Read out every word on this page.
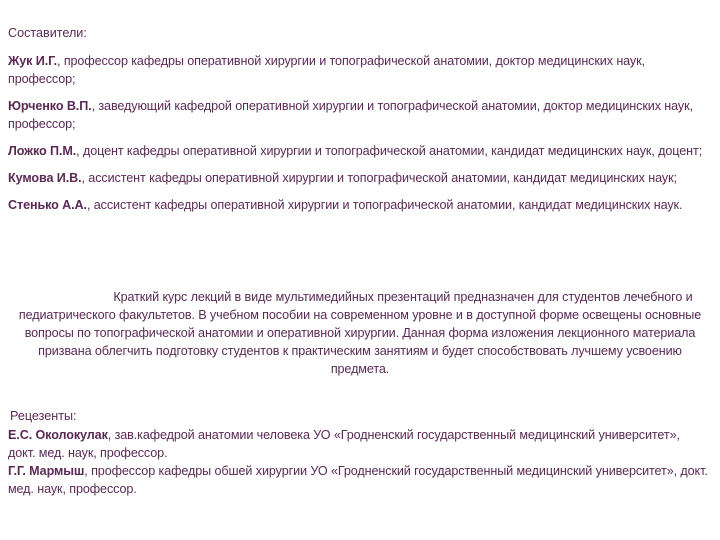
Составители:

Жук И.Г., профессор кафедры оперативной хирургии и топографической анатомии, доктор медицинских наук, профессор;

Юрченко В.П., заведующий кафедрой оперативной хирургии и топографической анатомии, доктор медицинских наук, профессор;

Ложко П.М., доцент кафедры оперативной хирургии и топографической анатомии, кандидат медицинских наук, доцент;

Кумова И.В., ассистент кафедры оперативной хирургии и топографической анатомии, кандидат медицинских наук;

Стенько А.А., ассистент кафедры оперативной хирургии и топографической анатомии, кандидат медицинских наук.

Краткий курс лекций в виде мультимедийных презентаций предназначен для студентов лечебного и педиатрического факультетов. В учебном пособии на современном уровне и в доступной форме освещены основные вопросы по топографической анатомии и оперативной хирургии. Данная форма изложения лекционного материала призвана облегчить подготовку студентов к практическим занятиям и будет способствовать лучшему усвоению предмета.
Рецезенты:

Е.С. Околокулак, зав.кафедрой анатомии человека УО «Гродненский государственный медицинский университет», докт. мед. наук, профессор.

Г.Г. Мармыш, профессор кафедры обшей хирургии УО «Гродненский государственный медицинский университет», докт. мед. наук, профессор.
